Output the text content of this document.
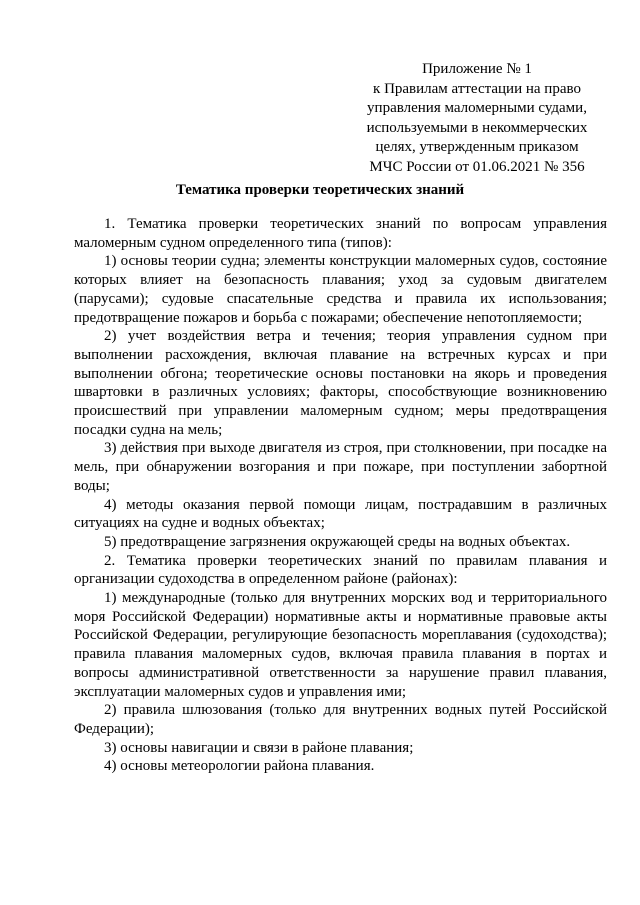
Приложение № 1
к Правилам аттестации на право
управления маломерными судами,
используемыми в некоммерческих
целях, утвержденным приказом
МЧС России от 01.06.2021 № 356
Тематика проверки теоретических знаний

1. Тематика проверки теоретических знаний по вопросам управления маломерным судном определенного типа (типов):

1) основы теории судна; элементы конструкции маломерных судов, состояние которых влияет на безопасность плавания; уход за судовым двигателем (парусами); судовые спасательные средства и правила их использования; предотвращение пожаров и борьба с пожарами; обеспечение непотопляемости;

2) учет воздействия ветра и течения; теория управления судном при выполнении расхождения, включая плавание на встречных курсах и при выполнении обгона; теоретические основы постановки на якорь и проведения швартовки в различных условиях; факторы, способствующие возникновению происшествий при управлении маломерным судном; меры предотвращения посадки судна на мель;

3) действия при выходе двигателя из строя, при столкновении, при посадке на мель, при обнаружении возгорания и при пожаре, при поступлении забортной воды;

4) методы оказания первой помощи лицам, пострадавшим в различных ситуациях на судне и водных объектах;

5) предотвращение загрязнения окружающей среды на водных объектах.

2. Тематика проверки теоретических знаний по правилам плавания и организации судоходства в определенном районе (районах):

1) международные (только для внутренних морских вод и территориального моря Российской Федерации) нормативные акты и нормативные правовые акты Российской Федерации, регулирующие безопасность мореплавания (судоходства); правила плавания маломерных судов, включая правила плавания в портах и вопросы административной ответственности за нарушение правил плавания, эксплуатации маломерных судов и управления ими;

2) правила шлюзования (только для внутренних водных путей Российской Федерации);

3) основы навигации и связи в районе плавания;

4) основы метеорологии района плавания.
